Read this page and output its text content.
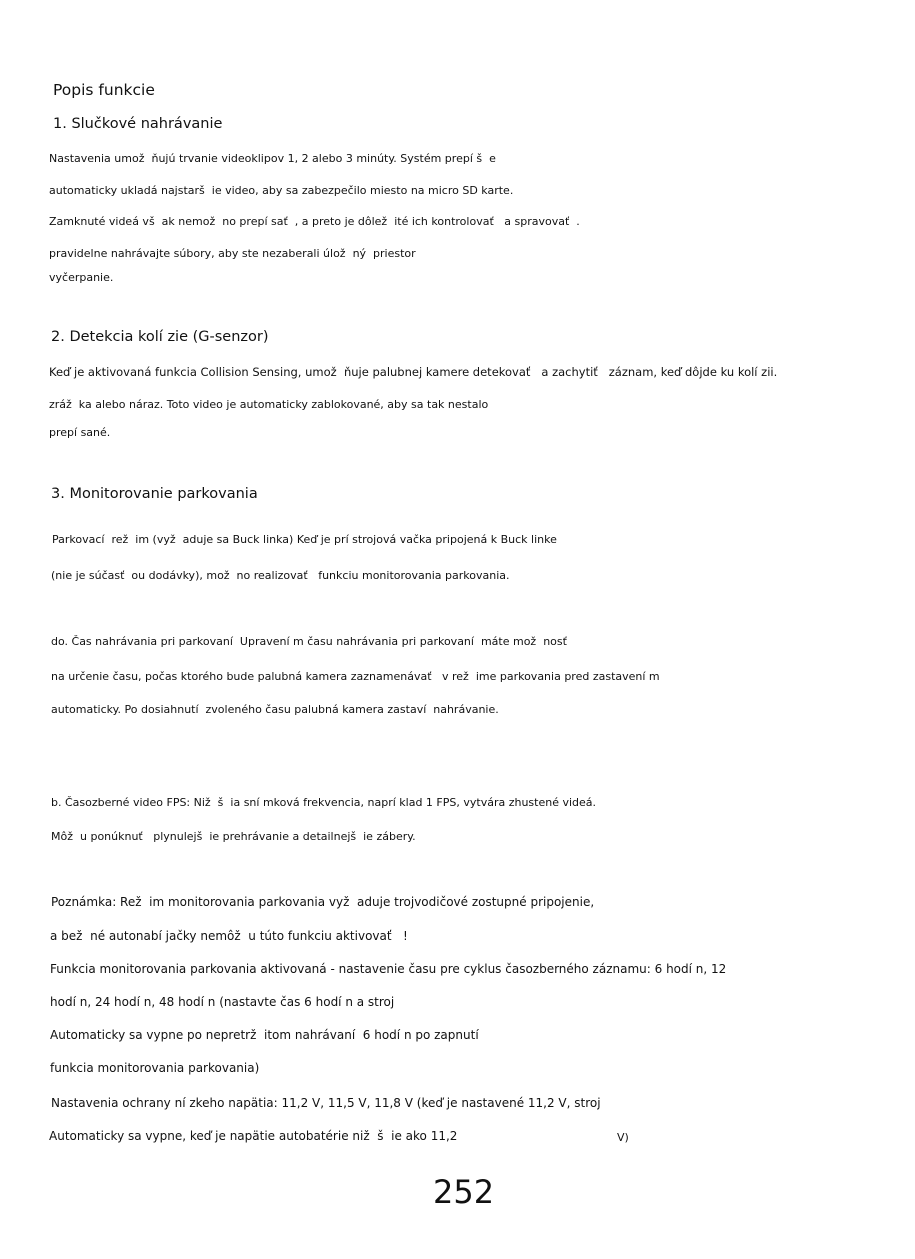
Popis funkcie
1. Slučkové nahrávanie
Nastavenia umož  ňujú trvanie videoklipov 1, 2 alebo 3 minúty. Systém prepí š  e
automaticky ukladá najstarš  ie video, aby sa zabezpečilo miesto na micro SD karte.
Zamknuté videá vš  ak nemož  no prepí sať  , a preto je dôlež  ité ich kontrolovať   a spravovať  .
pravidelne nahrávajte súbory, aby ste nezaberali úlož  ný  priestor
vyčerpanie.
2. Detekcia kolí zie (G-senzor)
Keď je aktivovaná funkcia Collision Sensing, umož  ňuje palubnej kamere detekovať   a zachytiť   záznam, keď dôjde ku kolí zii.
zráž  ka alebo náraz. Toto video je automaticky zablokované, aby sa tak nestalo
prepí sané.
3. Monitorovanie parkovania
Parkovací  rež  im (vyž  aduje sa Buck linka) Keď je prí strojová vačka pripojená k Buck linke
(nie je súčasť  ou dodávky), mož  no realizovať   funkciu monitorovania parkovania.
do. Čas nahrávania pri parkovaní  Upravení m času nahrávania pri parkovaní  máte mož  nosť
na určenie času, počas ktorého bude palubná kamera zaznamenávať   v rež  ime parkovania pred zastavení m
automaticky. Po dosiahnutí  zvoleného času palubná kamera zastaví  nahrávanie.
b. Časozberné video FPS: Niž  š  ia sní mková frekvencia, naprí klad 1 FPS, vytvára zhustené videá.
Môž  u ponúknuť   plynulejš  ie prehrávanie a detailnejš  ie zábery.
Poznámka: Rež  im monitorovania parkovania vyž  aduje trojvodičové zostupné pripojenie,
a bež  né autonabí jačky nemôž  u túto funkciu aktivovať   !
Funkcia monitorovania parkovania aktivovaná - nastavenie času pre cyklus časozberného záznamu: 6 hodí n, 12
hodí n, 24 hodí n, 48 hodí n (nastavte čas 6 hodí n a stroj
Automaticky sa vypne po nepretrž  itom nahrávaní  6 hodí n po zapnutí
funkcia monitorovania parkovania)
Nastavenia ochrany ní zkeho napätia: 11,2 V, 11,5 V, 11,8 V (keď je nastavené 11,2 V, stroj
Automaticky sa vypne, keď je napätie autobatérie niž  š  ie ako 11,2	V)
252
